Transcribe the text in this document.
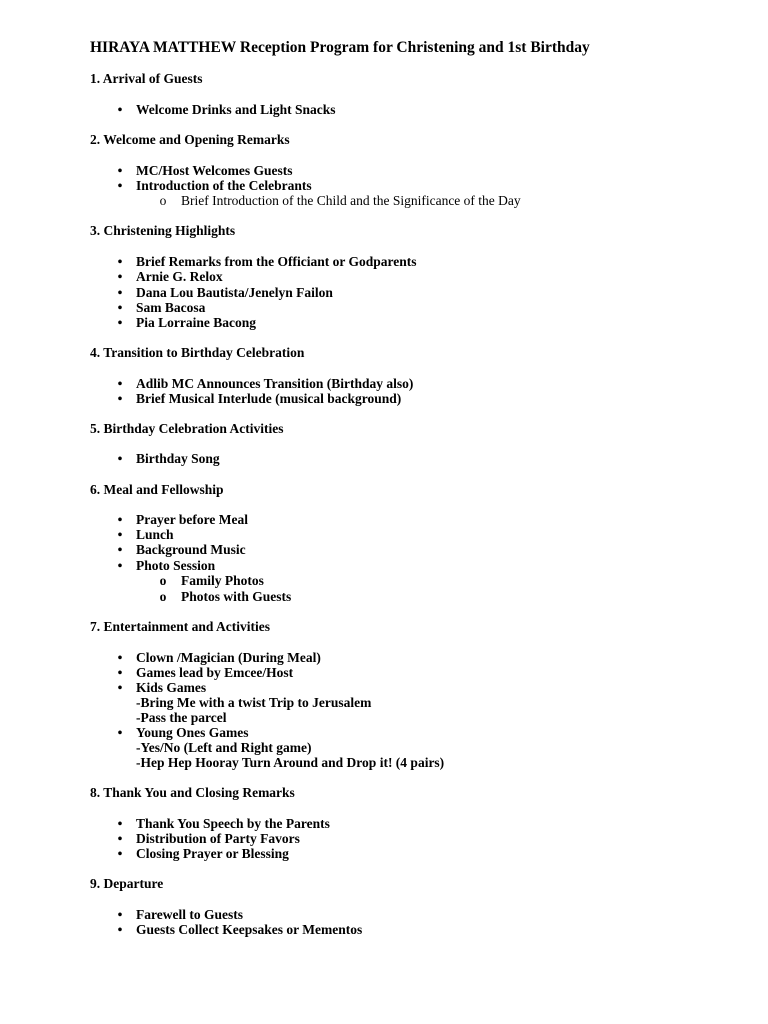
HIRAYA MATTHEW Reception Program for Christening and 1st Birthday

1. Arrival of Guests

• Welcome Drinks and Light Snacks

2. Welcome and Opening Remarks

• MC/Host Welcomes Guests

• Introduction of the Celebrants

o Brief Introduction of the Child and the Significance of the Day

3. Christening Highlights

• Brief Remarks from the Officiant or Godparents

• Arnie G. Relox

• Dana Lou Bautista/Jenelyn Failon

• Sam Bacosa

• Pia Lorraine Bacong

4. Transition to Birthday Celebration

• Adlib MC Announces Transition (Birthday also)

• Brief Musical Interlude (musical background)

5. Birthday Celebration Activities

• Birthday Song

6. Meal and Fellowship

• Prayer before Meal

• Lunch

• Background Music

• Photo Session

o Family Photos

o Photos with Guests

7. Entertainment and Activities

• Clown /Magician (During Meal)

• Games lead by Emcee/Host

• Kids Games

-Bring Me with a twist Trip to Jerusalem

-Pass the parcel

• Young Ones Games

-Yes/No (Left and Right game)

-Hep Hep Hooray Turn Around and Drop it! (4 pairs)

8. Thank You and Closing Remarks

• Thank You Speech by the Parents

• Distribution of Party Favors

• Closing Prayer or Blessing

9. Departure

• Farewell to Guests

• Guests Collect Keepsakes or Mementos
